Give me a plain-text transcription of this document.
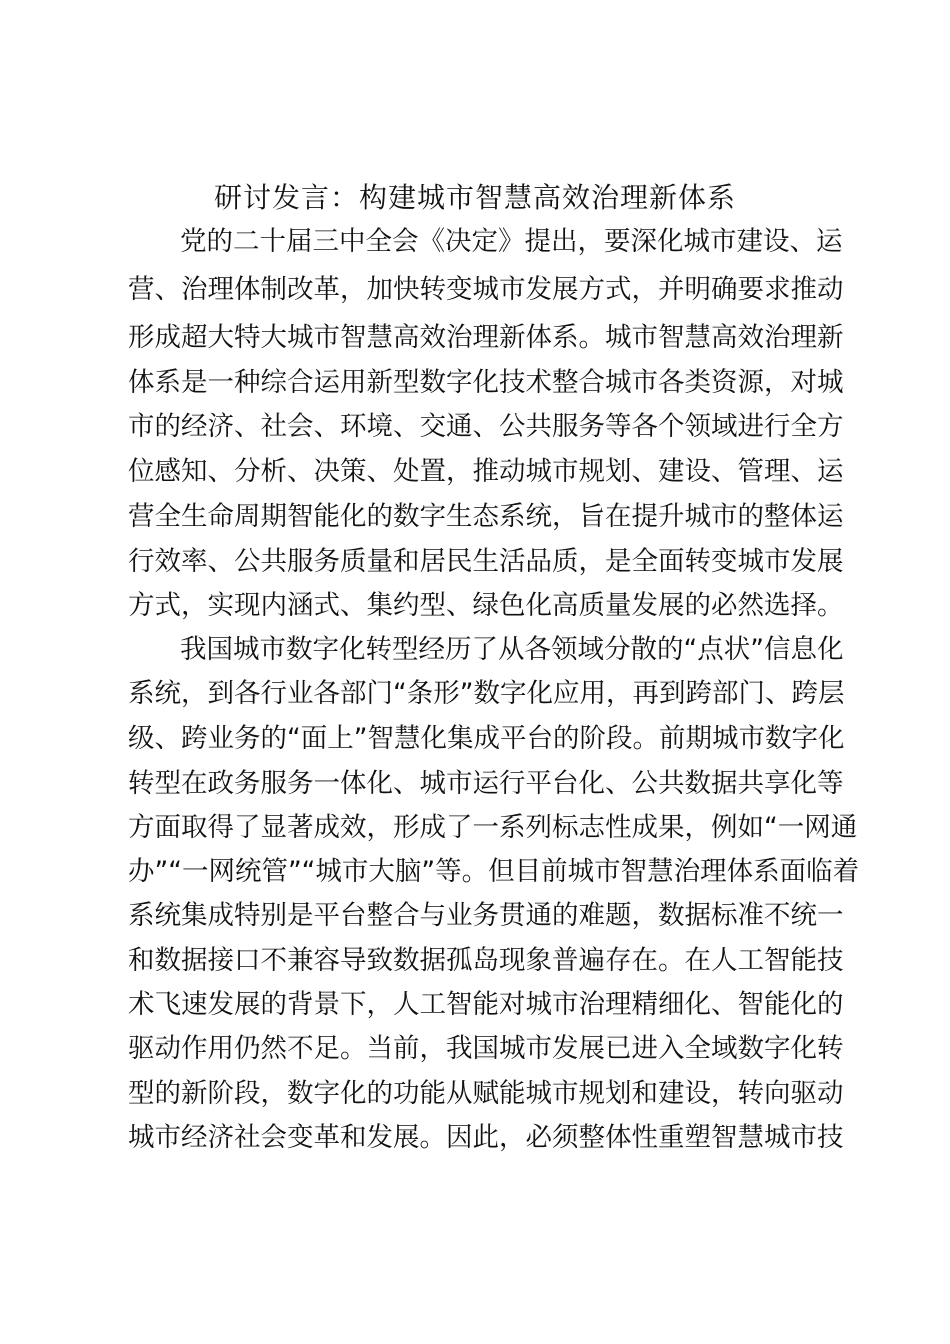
研讨发言：构建城市智慧高效治理新体系

党的二十届三中全会《决定》提出，要深化城市建设、运

营、治理体制改革，加快转变城市发展方式，并明确要求推动

形成超大特大城市智慧高效治理新体系。城市智慧高效治理新

体系是一种综合运用新型数字化技术整合城市各类资源，对城

市的经济、社会、环境、交通、公共服务等各个领域进行全方

位感知、分析、决策、处置，推动城市规划、建设、管理、运

营全生命周期智能化的数字生态系统，旨在提升城市的整体运

行效率、公共服务质量和居民生活品质，是全面转变城市发展

方式，实现内涵式、集约型、绿色化高质量发展的必然选择。

我国城市数字化转型经历了从各领域分散的“点状”信息化

系统，到各行业各部门“条形”数字化应用，再到跨部门、跨层

级、跨业务的“面上”智慧化集成平台的阶段。前期城市数字化

转型在政务服务一体化、城市运行平台化、公共数据共享化等

方面取得了显著成效，形成了一系列标志性成果，例如“一网通

办”“一网统管”“城市大脑”等。但目前城市智慧治理体系面临着

系统集成特别是平台整合与业务贯通的难题，数据标准不统一

和数据接口不兼容导致数据孤岛现象普遍存在。在人工智能技

术飞速发展的背景下，人工智能对城市治理精细化、智能化的

驱动作用仍然不足。当前，我国城市发展已进入全域数字化转

型的新阶段，数字化的功能从赋能城市规划和建设，转向驱动

城市经济社会变革和发展。因此，必须整体性重塑智慧城市技
